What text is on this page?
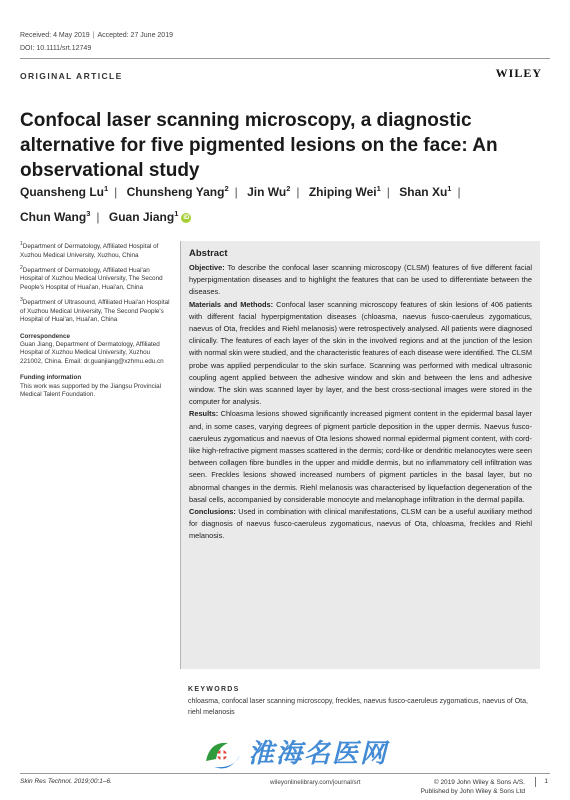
Received: 4 May 2019 | Accepted: 27 June 2019
DOI: 10.1111/srt.12749
ORIGINAL ARTICLE	WILEY
Confocal laser scanning microscopy, a diagnostic alternative for five pigmented lesions on the face: An observational study
Quansheng Lu$^1$ | Chunsheng Yang$^2$ | Jin Wu$^2$ | Zhiping Wei$^1$ | Shan Xu$^1$ |
Chun Wang$^3$ | Guan Jiang$^1$ iD

$^1$Department of Dermatology, Affiliated Hospital of Xuzhou Medical University, Xuzhou, China

$^2$Department of Dermatology, Affiliated Huai'an Hospital of Xuzhou Medical University, The Second People's Hospital of Huai'an, Huai'an, China

$^3$Department of Ultrasound, Affiliated Huai'an Hospital of Xuzhou Medical University, The Second People's Hospital of Huai'an, Huai'an, China

Correspondence
Guan Jiang, Department of Dermatology, Affiliated Hospital of Xuzhou Medical University, Xuzhou 221002, China. Email: dr.guanjiang@xzhmu.edu.cn
Funding information
This work was supported by the Jiangsu Provincial Medical Talent Foundation.
Abstract

Objective: To describe the confocal laser scanning microscopy (CLSM) features of five different facial hyperpigmentation diseases and to highlight the features that can be used to differentiate between the diseases.

Materials and Methods: Confocal laser scanning microscopy features of skin lesions of 406 patients with different facial hyperpigmentation diseases (chloasma, naevus fusco-caeruleus zygomaticus, naevus of Ota, freckles and Riehl melanosis) were retrospectively analysed. All patients were diagnosed clinically. The features of each layer of the skin in the involved regions and at the junction of the lesion with normal skin were studied, and the characteristic features of each disease were identified. The CLSM probe was applied perpendicular to the skin surface. Scanning was performed with medical ultrasonic coupling agent applied between the adhesive window and skin and between the lens and adhesive window. The skin was scanned layer by layer, and the best cross-sectional images were stored in the computer for analysis.

Results: Chloasma lesions showed significantly increased pigment content in the epidermal basal layer and, in some cases, varying degrees of pigment particle deposition in the upper dermis. Naevus fusco-caeruleus zygomaticus and naevus of Ota lesions showed normal epidermal pigment content, with cord-like high-refractive pigment masses scattered in the dermis; cord-like or dendritic melanocytes were seen between collagen fibre bundles in the upper and middle dermis, but no inflammatory cell infiltration was seen. Freckles lesions showed increased numbers of pigment particles in the basal layer, but no abnormal changes in the dermis. Riehl melanosis was characterised by liquefaction degeneration of the basal cells, accompanied by considerable monocyte and melanophage infiltration in the dermal papilla.

Conclusions: Used in combination with clinical manifestations, CLSM can be a useful auxiliary method for diagnosis of naevus fusco-caeruleus zygomaticus, naevus of Ota, chloasma, freckles and Riehl melanosis.

KEYWORDS
chloasma, confocal laser scanning microscopy, freckles, naevus fusco-caeruleus zygomaticus, naevus of Ota, riehl melanosis
淮海名医网
Skin Res Technol. 2019;00:1–6.	wileyonlinelibrary.com/journal/srt	© 2019 John Wiley & Sons A/S.
Published by John Wiley & Sons Ltd
1
